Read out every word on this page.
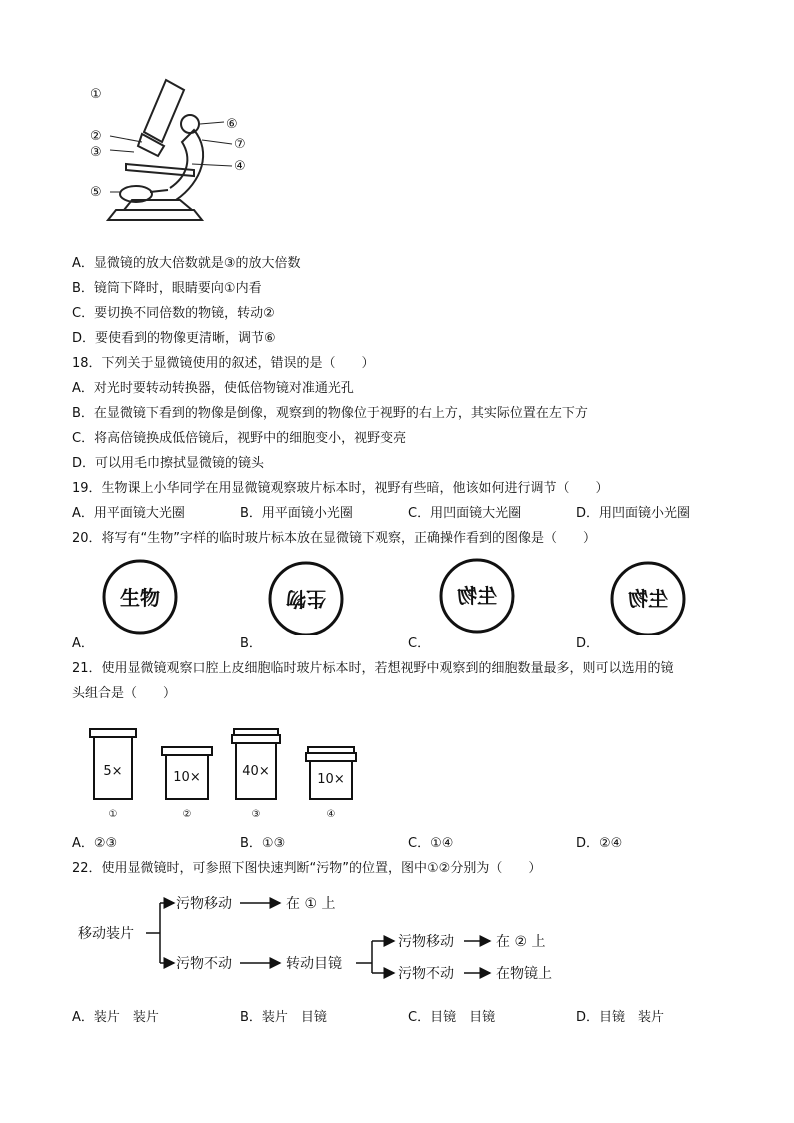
①
②
③
④
⑤
⑥
⑦
A．显微镜的放大倍数就是③的放大倍数
B．镜筒下降时，眼睛要向①内看
C．要切换不同倍数的物镜，转动②
D．要使看到的物像更清晰，调节⑥
18．下列关于显微镜使用的叙述，错误的是（　　）
A．对光时要转动转换器，使低倍物镜对准通光孔
B．在显微镜下看到的物像是倒像，观察到的物像位于视野的右上方，其实际位置在左下方
C．将高倍镜换成低倍镜后，视野中的细胞变小，视野变亮
D．可以用毛巾擦拭显微镜的镜头
19．生物课上小华同学在用显微镜观察玻片标本时，视野有些暗，他该如何进行调节（　　）
A．用平面镜大光圈	B．用平面镜小光圈	C．用凹面镜大光圈	D．用凹面镜小光圈
20．将写有“生物”字样的临时玻片标本放在显微镜下观察，正确操作看到的图像是（　　）
生物	生物	生物	生物
A．	B．	C．	D．
21．使用显微镜观察口腔上皮细胞临时玻片标本时，若想视野中观察到的细胞数量最多，则可以选用的镜
头组合是（　　）
5×	10×	40×
10×
①	②	③	④
A．②③	B．①③	C．①④	D．②④
22．使用显微镜时，可参照下图快速判断“污物”的位置，图中①②分别为（　　）
移动装片
污物移动	在 ① 上
污物不动	转动目镜
污物移动	在 ② 上
污物不动	在物镜上
A．装片　装片	B．装片　目镜	C．目镜　目镜	D．目镜　装片
